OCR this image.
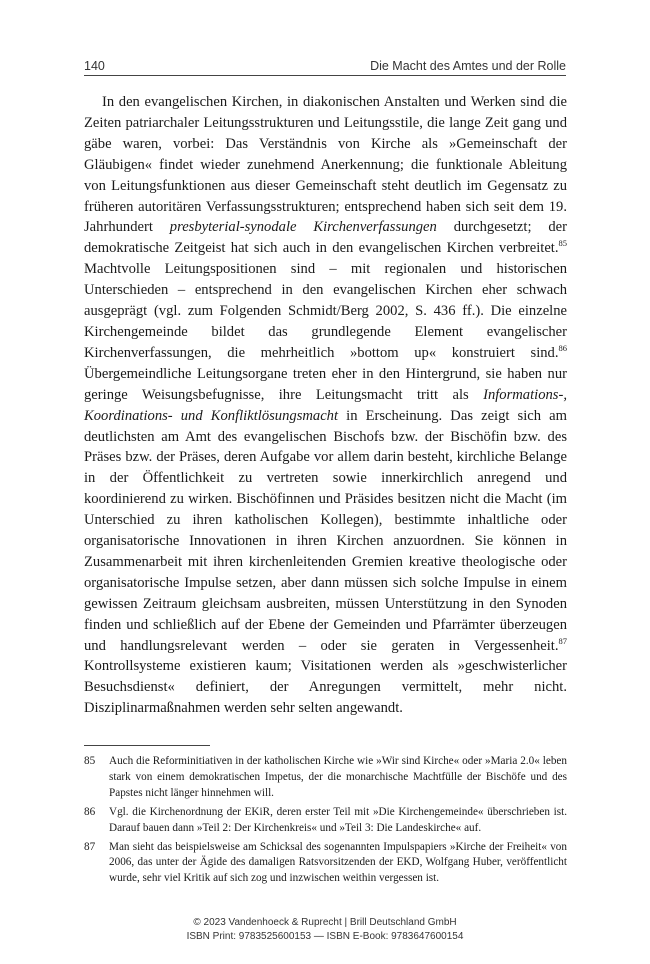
140	Die Macht des Amtes und der Rolle

In den evangelischen Kirchen, in diakonischen Anstalten und Werken sind die Zeiten patriarchaler Leitungsstrukturen und Leitungsstile, die lange Zeit gang und gäbe waren, vorbei: Das Verständnis von Kirche als »Gemeinschaft der Gläubigen« findet wieder zunehmend Anerkennung; die funktionale Ableitung von Leitungsfunktionen aus dieser Gemeinschaft steht deutlich im Gegensatz zu früheren autoritären Verfassungsstrukturen; entsprechend haben sich seit dem 19. Jahrhundert presbyterial-synodale Kirchenverfassungen durchgesetzt; der demokratische Zeitgeist hat sich auch in den evangelischen Kirchen verbreitet.$^{85}$ Machtvolle Leitungspositionen sind – mit regionalen und historischen Unterschieden – entsprechend in den evangelischen Kirchen eher schwach ausgeprägt (vgl. zum Folgenden Schmidt/Berg 2002, S. 436 ff.). Die einzelne Kirchengemeinde bildet das grundlegende Element evangelischer Kirchenverfassungen, die mehrheitlich »bottom up« konstruiert sind.$^{86}$ Übergemeindliche Leitungsorgane treten eher in den Hintergrund, sie haben nur geringe Weisungsbefugnisse, ihre Leitungsmacht tritt als Informations-, Koordinations- und Konfliktlösungsmacht in Erscheinung. Das zeigt sich am deutlichsten am Amt des evangelischen Bischofs bzw. der Bischöfin bzw. des Präses bzw. der Präses, deren Aufgabe vor allem darin besteht, kirchliche Belange in der Öffentlichkeit zu vertreten sowie innerkirchlich anregend und koordinierend zu wirken. Bischöfinnen und Präsides besitzen nicht die Macht (im Unterschied zu ihren katholischen Kollegen), bestimmte inhaltliche oder organisatorische Innovationen in ihren Kirchen anzuordnen. Sie können in Zusammenarbeit mit ihren kirchenleitenden Gremien kreative theologische oder organisatorische Impulse setzen, aber dann müssen sich solche Impulse in einem gewissen Zeitraum gleichsam ausbreiten, müssen Unterstützung in den Synoden finden und schließlich auf der Ebene der Gemeinden und Pfarrämter überzeugen und handlungsrelevant werden – oder sie geraten in Vergessenheit.$^{87}$ Kontrollsysteme existieren kaum; Visitationen werden als »geschwisterlicher Besuchsdienst« definiert, der Anregungen vermittelt, mehr nicht. Disziplinarmaßnahmen werden sehr selten angewandt.

85	Auch die Reforminitiativen in der katholischen Kirche wie »Wir sind Kirche« oder »Maria 2.0« leben stark von einem demokratischen Impetus, der die monarchische Machtfülle der Bischöfe und des Papstes nicht länger hinnehmen will.
86	Vgl. die Kirchenordnung der EKiR, deren erster Teil mit »Die Kirchengemeinde« überschrieben ist. Darauf bauen dann »Teil 2: Der Kirchenkreis« und »Teil 3: Die Landeskirche« auf.
87	Man sieht das beispielsweise am Schicksal des sogenannten Impulspapiers »Kirche der Freiheit« von 2006, das unter der Ägide des damaligen Ratsvorsitzenden der EKD, Wolfgang Huber, veröffentlicht wurde, sehr viel Kritik auf sich zog und inzwischen weithin vergessen ist.
© 2023 Vandenhoeck & Ruprecht | Brill Deutschland GmbH
ISBN Print: 9783525600153 — ISBN E-Book: 9783647600154
